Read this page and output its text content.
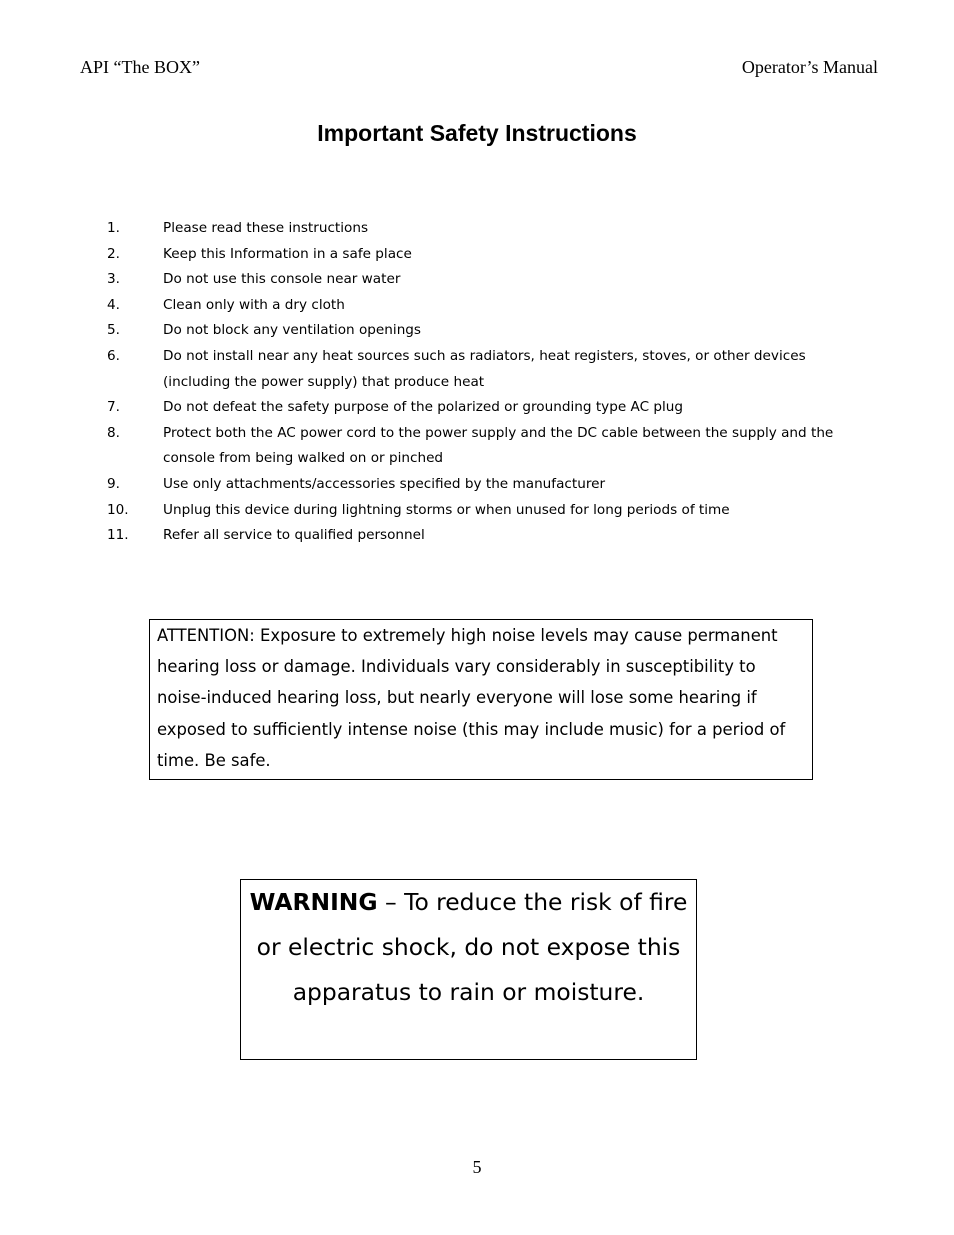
API “The BOX”	Operator’s Manual
Important Safety Instructions
1.	Please read these instructions
2.	Keep this Information in a safe place
3.	Do not use this console near water
4.	Clean only with a dry cloth
5.	Do not block any ventilation openings
6.	Do not install near any heat sources such as radiators, heat registers, stoves, or other devices (including the power supply) that produce heat
7.	Do not defeat the safety purpose of the polarized or grounding type AC plug
8.	Protect both the AC power cord to the power supply and the DC cable between the supply and the console from being walked on or pinched
9.	Use only attachments/accessories specified by the manufacturer
10.	Unplug this device during lightning storms or when unused for long periods of time
11.	Refer all service to qualified personnel
ATTENTION: Exposure to extremely high noise levels may cause permanent hearing loss or damage. Individuals vary considerably in susceptibility to noise-induced hearing loss, but nearly everyone will lose some hearing if exposed to sufficiently intense noise (this may include music) for a period of time. Be safe.
WARNING – To reduce the risk of fire or electric shock, do not expose this apparatus to rain or moisture.
5
